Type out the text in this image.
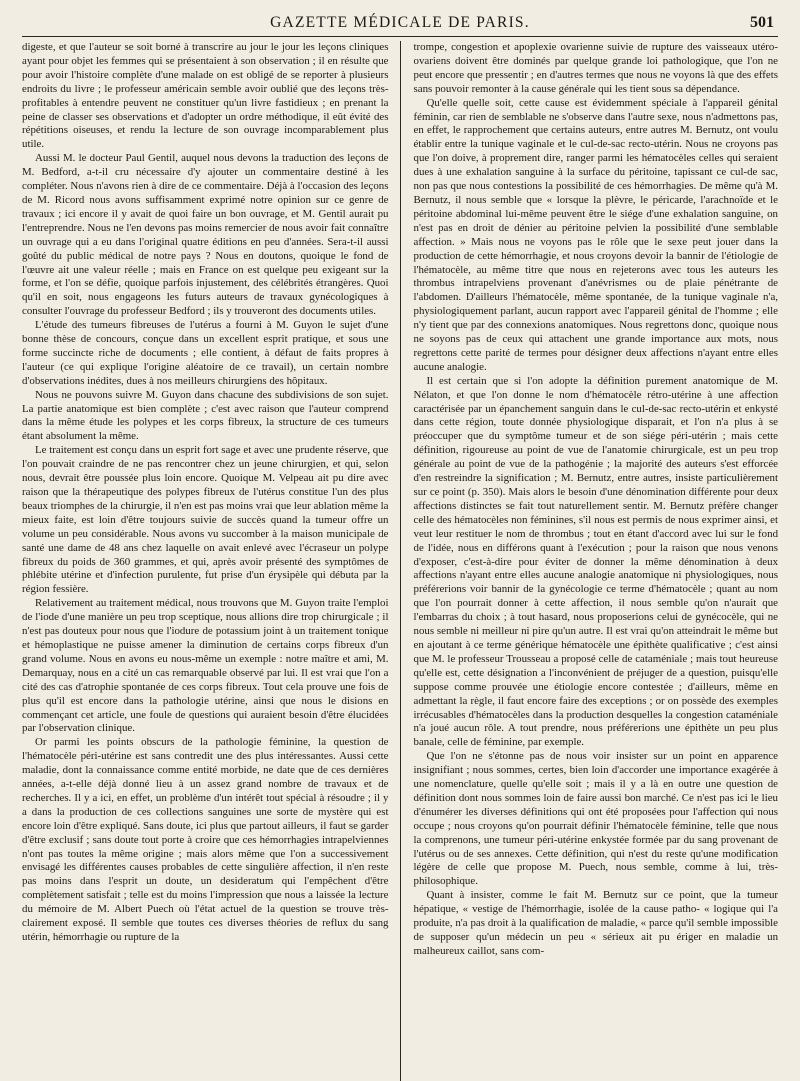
GAZETTE MÉDICALE DE PARIS.	501

digeste, et que l'auteur se soit borné à transcrire au jour le jour les leçons cliniques ayant pour objet les femmes qui se présentaient à son observation ; il en résulte que pour avoir l'histoire complète d'une malade on est obligé de se reporter à plusieurs endroits du livre ; le professeur américain semble avoir oublié que des leçons très-profitables à entendre peuvent ne constituer qu'un livre fastidieux ; en prenant la peine de classer ses observations et d'adopter un ordre méthodique, il eût évité des répétitions oiseuses, et rendu la lecture de son ouvrage incomparablement plus utile.

Aussi M. le docteur Paul Gentil, auquel nous devons la traduction des leçons de M. Bedford, a-t-il cru nécessaire d'y ajouter un commentaire destiné à les compléter. Nous n'avons rien à dire de ce commentaire. Déjà à l'occasion des leçons de M. Ricord nous avons suffisamment exprimé notre opinion sur ce genre de travaux ; ici encore il y avait de quoi faire un bon ouvrage, et M. Gentil aurait pu l'entreprendre. Nous ne l'en devons pas moins remercier de nous avoir fait connaître un ouvrage qui a eu dans l'original quatre éditions en peu d'années. Sera-t-il aussi goûté du public médical de notre pays ? Nous en doutons, quoique le fond de l'œuvre ait une valeur réelle ; mais en France on est quelque peu exigeant sur la forme, et l'on se défie, quoique parfois injustement, des célébrités étrangères. Quoi qu'il en soit, nous engageons les futurs auteurs de travaux gynécologiques à consulter l'ouvrage du professeur Bedford ; ils y trouveront des documents utiles.

L'étude des tumeurs fibreuses de l'utérus a fourni à M. Guyon le sujet d'une bonne thèse de concours, conçue dans un excellent esprit pratique, et sous une forme succincte riche de documents ; elle contient, à défaut de faits propres à l'auteur (ce qui explique l'origine aléatoire de ce travail), un certain nombre d'observations inédites, dues à nos meilleurs chirurgiens des hôpitaux.

Nous ne pouvons suivre M. Guyon dans chacune des subdivisions de son sujet. La partie anatomique est bien complète ; c'est avec raison que l'auteur comprend dans la même étude les polypes et les corps fibreux, la structure de ces tumeurs étant absolument la même.

Le traitement est conçu dans un esprit fort sage et avec une prudente réserve, que l'on pouvait craindre de ne pas rencontrer chez un jeune chirurgien, et qui, selon nous, devrait être poussée plus loin encore. Quoique M. Velpeau ait pu dire avec raison que la thérapeutique des polypes fibreux de l'utérus constitue l'un des plus beaux triomphes de la chirurgie, il n'en est pas moins vrai que leur ablation même la mieux faite, est loin d'être toujours suivie de succès quand la tumeur offre un volume un peu considérable. Nous avons vu succomber à la maison municipale de santé une dame de 48 ans chez laquelle on avait enlevé avec l'écraseur un polype fibreux du poids de 360 grammes, et qui, après avoir présenté des symptômes de phlébite utérine et d'infection purulente, fut prise d'un érysipèle qui débuta par la région fessière.

Relativement au traitement médical, nous trouvons que M. Guyon traite l'emploi de l'iode d'une manière un peu trop sceptique, nous allions dire trop chirurgicale ; il n'est pas douteux pour nous que l'iodure de potassium joint à un traitement tonique et hémoplastique ne puisse amener la diminution de certains corps fibreux d'un grand volume. Nous en avons eu nous-même un exemple : notre maître et ami, M. Demarquay, nous en a cité un cas remarquable observé par lui. Il est vrai que l'on a cité des cas d'atrophie spontanée de ces corps fibreux. Tout cela prouve une fois de plus qu'il est encore dans la pathologie utérine, ainsi que nous le disions en commençant cet article, une foule de questions qui auraient besoin d'être élucidées par l'observation clinique.

Or parmi les points obscurs de la pathologie féminine, la question de l'hématocèle péri-utérine est sans contredit une des plus intéressantes. Aussi cette maladie, dont la connaissance comme entité morbide, ne date que de ces dernières années, a-t-elle déjà donné lieu à un assez grand nombre de travaux et de recherches. Il y a ici, en effet, un problème d'un intérêt tout spécial à résoudre ; il y a dans la production de ces collections sanguines une sorte de mystère qui est encore loin d'être expliqué. Sans doute, ici plus que partout ailleurs, il faut se garder d'être exclusif ; sans doute tout porte à croire que ces hémorrhagies intrapelviennes n'ont pas toutes la même origine ; mais alors même que l'on a successivement envisagé les différentes causes probables de cette singulière affection, il n'en reste pas moins dans l'esprit un doute, un desideratum qui l'empêchent d'être complètement satisfait ; telle est du moins l'impression que nous a laissée la lecture du mémoire de M. Albert Puech où l'état actuel de la question se trouve très-clairement exposé. Il semble que toutes ces diverses théories de reflux du sang utérin, hémorrhagie ou rupture de la

trompe, congestion et apoplexie ovarienne suivie de rupture des vaisseaux utéro-ovariens doivent être dominés par quelque grande loi pathologique, que l'on ne peut encore que pressentir ; en d'autres termes que nous ne voyons là que des effets sans pouvoir remonter à la cause générale qui les tient sous sa dépendance.

Qu'elle quelle soit, cette cause est évidemment spéciale à l'appareil génital féminin, car rien de semblable ne s'observe dans l'autre sexe, nous n'admettons pas, en effet, le rapprochement que certains auteurs, entre autres M. Bernutz, ont voulu établir entre la tunique vaginale et le cul-de-sac recto-utérin. Nous ne croyons pas que l'on doive, à proprement dire, ranger parmi les hématocèles celles qui seraient dues à une exhalation sanguine à la surface du péritoine, tapissant ce cul-de sac, non pas que nous contestions la possibilité de ces hémorrhagies. De même qu'à M. Bernutz, il nous semble que « lorsque la plèvre, le péricarde, l'arachnoïde et le péritoine abdominal lui-même peuvent être le siége d'une exhalation sanguine, on n'est pas en droit de dénier au péritoine pelvien la possibilité d'une semblable affection. » Mais nous ne voyons pas le rôle que le sexe peut jouer dans la production de cette hémorrhagie, et nous croyons devoir la bannir de l'étiologie de l'hématocèle, au même titre que nous en rejeterons avec tous les auteurs les thrombus intrapelviens provenant d'anévrismes ou de plaie pénétrante de l'abdomen. D'ailleurs l'hématocèle, même spontanée, de la tunique vaginale n'a, physiologiquement parlant, aucun rapport avec l'appareil génital de l'homme ; elle n'y tient que par des connexions anatomiques. Nous regrettons donc, quoique nous ne soyons pas de ceux qui attachent une grande importance aux mots, nous regrettons cette parité de termes pour désigner deux affections n'ayant entre elles aucune analogie.

Il est certain que si l'on adopte la définition purement anatomique de M. Nélaton, et que l'on donne le nom d'hématocèle rétro-utérine à une affection caractérisée par un épanchement sanguin dans le cul-de-sac recto-utérin et enkysté dans cette région, toute donnée physiologique disparait, et l'on n'a plus à se préoccuper que du symptôme tumeur et de son siége péri-utérin ; mais cette définition, rigoureuse au point de vue de l'anatomie chirurgicale, est un peu trop générale au point de vue de la pathogénie ; la majorité des auteurs s'est efforcée d'en restreindre la signification ; M. Bernutz, entre autres, insiste particulièrement sur ce point (p. 350). Mais alors le besoin d'une dénomination différente pour deux affections distinctes se fait tout naturellement sentir. M. Bernutz préfère changer celle des hématocèles non féminines, s'il nous est permis de nous exprimer ainsi, et veut leur restituer le nom de thrombus ; tout en étant d'accord avec lui sur le fond de l'idée, nous en différons quant à l'exécution ; pour la raison que nous venons d'exposer, c'est-à-dire pour éviter de donner la même dénomination à deux affections n'ayant entre elles aucune analogie anatomique ni physiologiques, nous préférerions voir bannir de la gynécologie ce terme d'hématocèle ; quant au nom que l'on pourrait donner à cette affection, il nous semble qu'on n'aurait que l'embarras du choix ; à tout hasard, nous proposerions celui de gynécocèle, qui ne nous semble ni meilleur ni pire qu'un autre. Il est vrai qu'on atteindrait le même but en ajoutant à ce terme générique hématocèle une épithète qualificative ; c'est ainsi que M. le professeur Trousseau a proposé celle de cataméniale ; mais tout heureuse qu'elle est, cette désignation a l'inconvénient de préjuger de a question, puisqu'elle suppose comme prouvée une étiologie encore contestée ; d'ailleurs, même en admettant la règle, il faut encore faire des exceptions ; or on possède des exemples irrécusables d'hématocèles dans la production desquelles la congestion cataméniale n'a joué aucun rôle. A tout prendre, nous préférerions une épithète un peu plus banale, celle de féminine, par exemple.

Que l'on ne s'étonne pas de nous voir insister sur un point en apparence insignifiant ; nous sommes, certes, bien loin d'accorder une importance exagérée à une nomenclature, quelle qu'elle soit ; mais il y a là en outre une question de définition dont nous sommes loin de faire aussi bon marché. Ce n'est pas ici le lieu d'énumérer les diverses définitions qui ont été proposées pour l'affection qui nous occupe ; nous croyons qu'on pourrait définir l'hématocèle féminine, telle que nous la comprenons, une tumeur péri-utérine enkystée formée par du sang provenant de l'utérus ou de ses annexes. Cette définition, qui n'est du reste qu'une modification légère de celle que propose M. Puech, nous semble, comme à lui, très-philosophique.

Quant à insister, comme le fait M. Bernutz sur ce point, que la tumeur hépatique, « vestige de l'hémorrhagie, isolée de la cause patho- « logique qui l'a produite, n'a pas droit à la qualification de maladie, « parce qu'il semble impossible de supposer qu'un médecin un peu « sérieux ait pu ériger en maladie un malheureux caillot, sans com-
